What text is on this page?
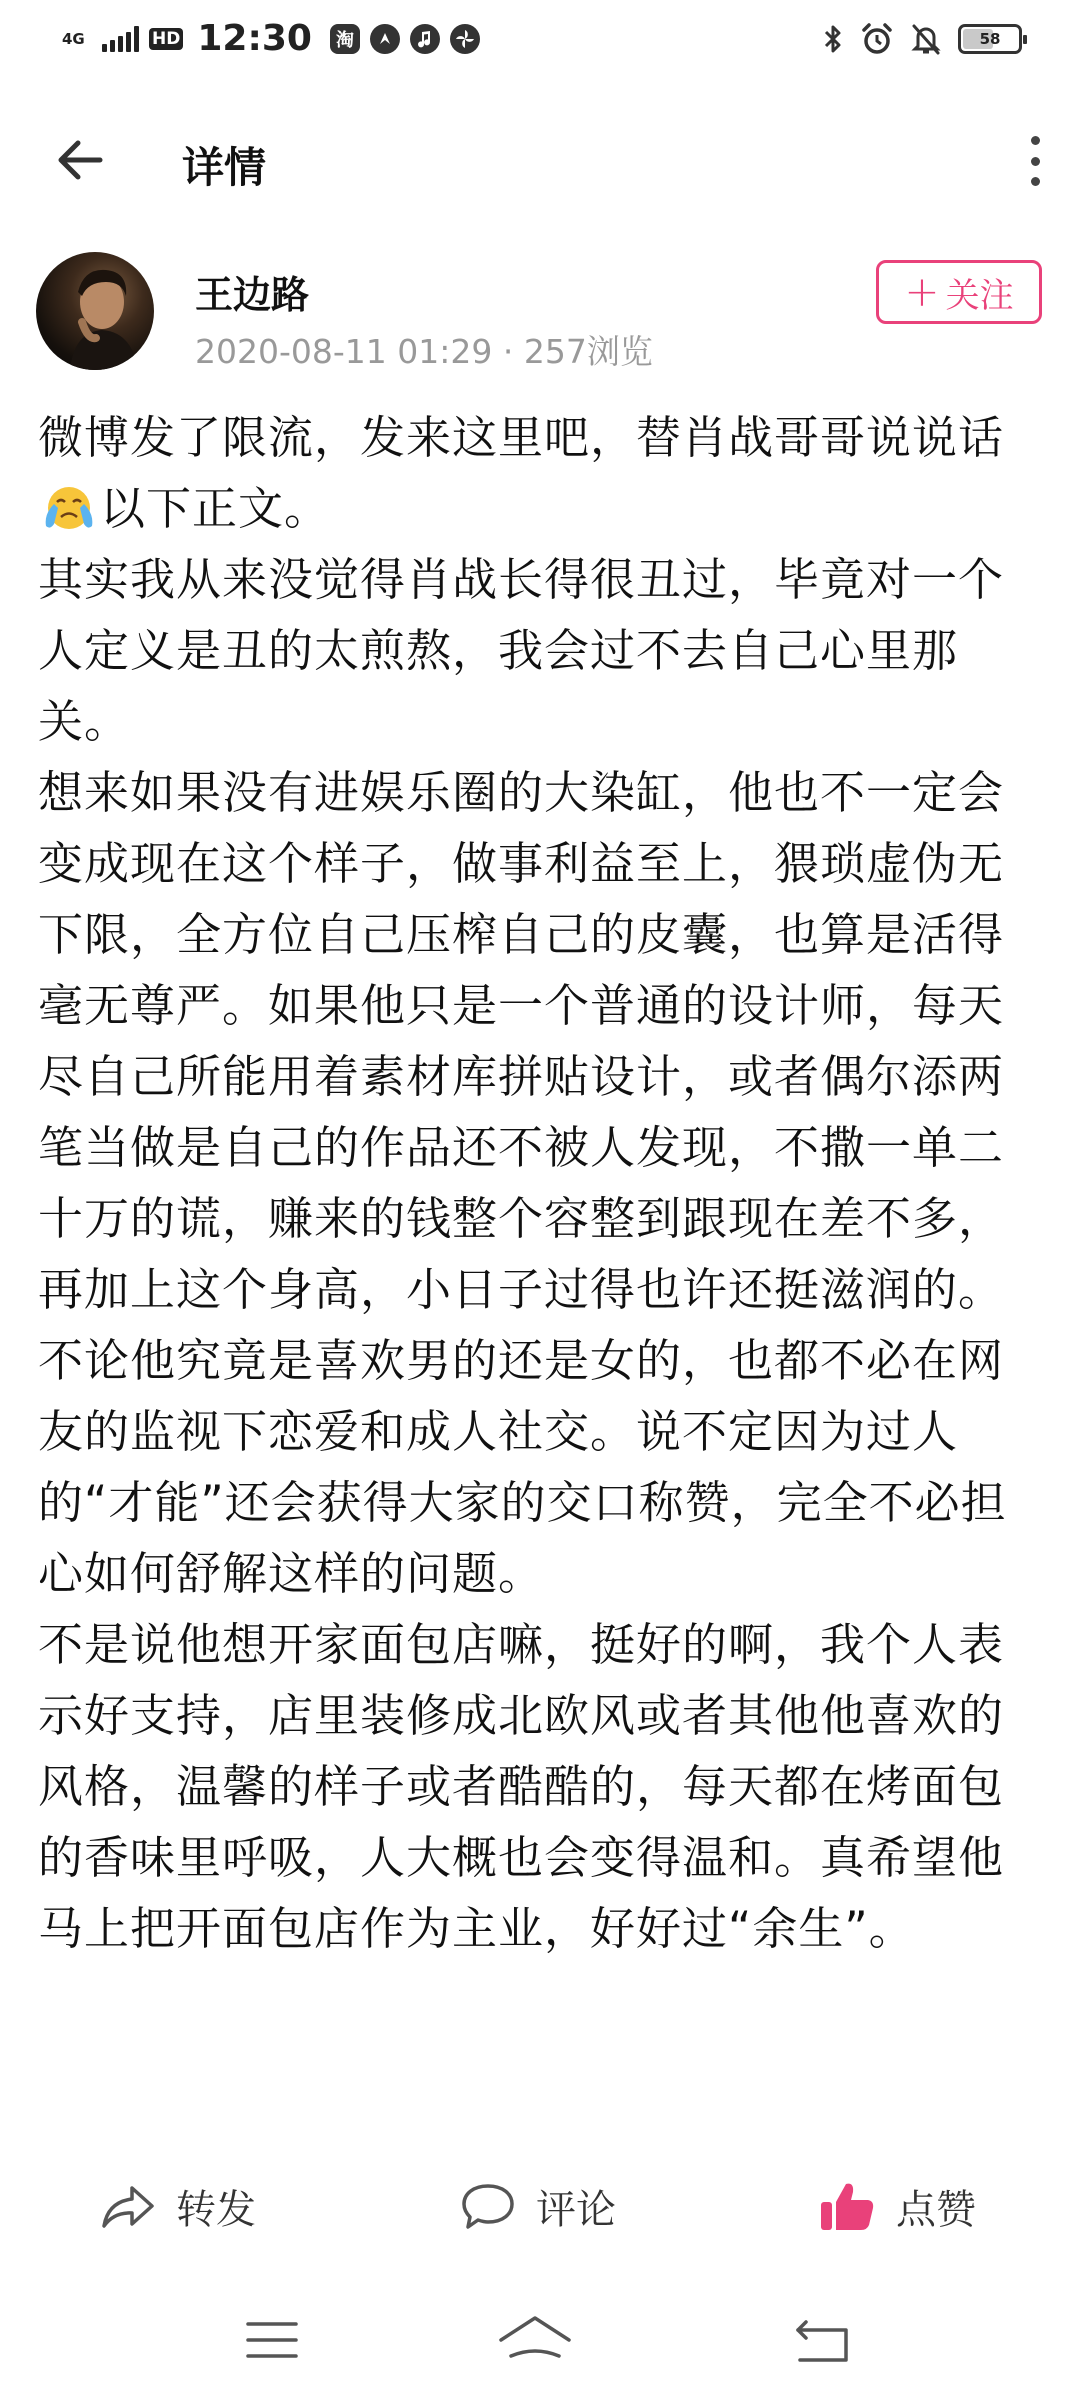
4G	HD 12:30	淘	58
详情
王边路
2020-08-11 01:29 · 257浏览
+ 关注

微博发了限流，发来这里吧，替肖战哥哥说说话以下正文。

其实我从来没觉得肖战长得很丑过，毕竟对一个人定义是丑的太煎熬，我会过不去自己心里那关。

想来如果没有进娱乐圈的大染缸，他也不一定会变成现在这个样子，做事利益至上，猥琐虚伪无下限，全方位自己压榨自己的皮囊，也算是活得毫无尊严。如果他只是一个普通的设计师，每天尽自己所能用着素材库拼贴设计，或者偶尔添两笔当做是自己的作品还不被人发现，不撒一单二十万的谎，赚来的钱整个容整到跟现在差不多，再加上这个身高，小日子过得也许还挺滋润的。

不论他究竟是喜欢男的还是女的，也都不必在网友的监视下恋爱和成人社交。说不定因为过人的“才能”还会获得大家的交口称赞，完全不必担心如何舒解这样的问题。

不是说他想开家面包店嘛，挺好的啊，我个人表示好支持，店里装修成北欧风或者其他他喜欢的风格，温馨的样子或者酷酷的，每天都在烤面包的香味里呼吸，人大概也会变得温和。真希望他马上把开面包店作为主业，好好过“余生”。

转发	评论	点赞
